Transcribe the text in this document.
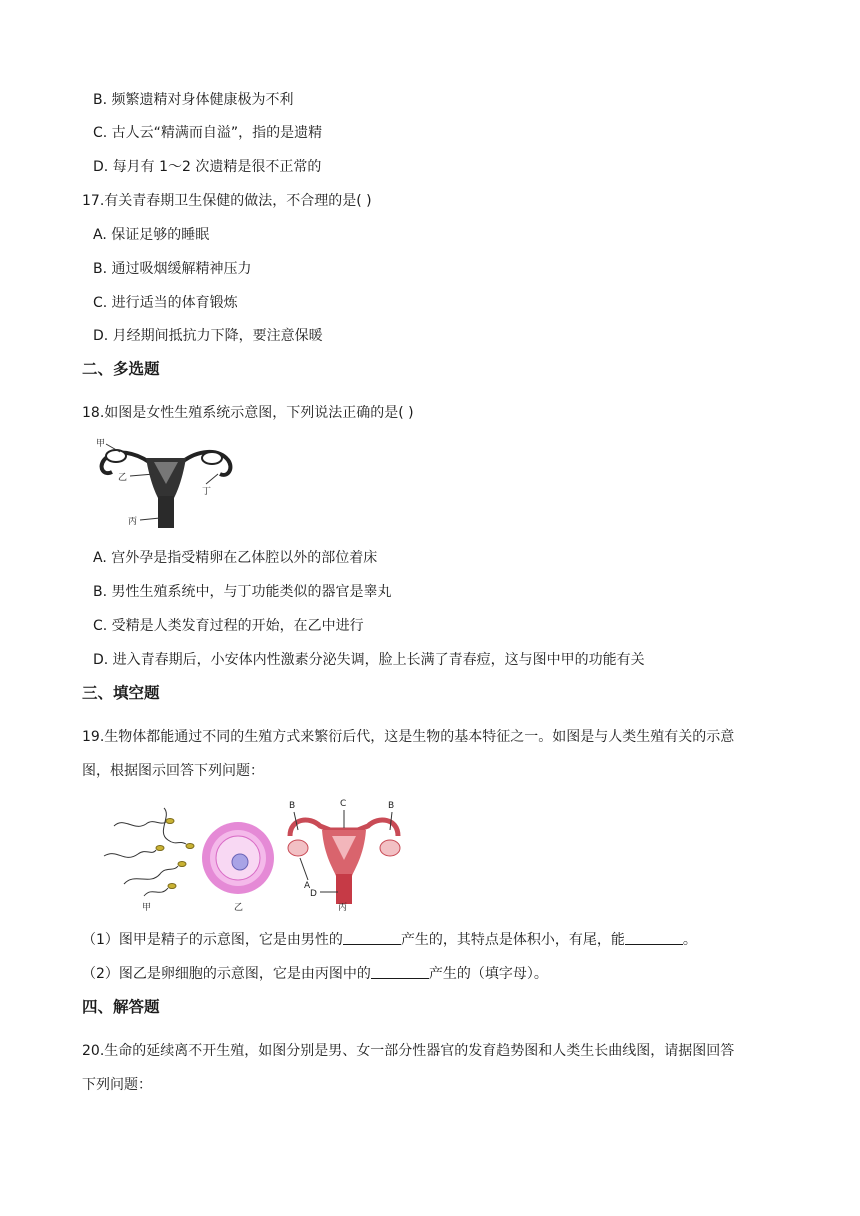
B. 频繁遗精对身体健康极为不利
C. 古人云“精满而自溢”，指的是遗精
D. 每月有 1～2 次遗精是很不正常的
17.有关青春期卫生保健的做法，不合理的是( )
A. 保证足够的睡眠
B. 通过吸烟缓解精神压力
C. 进行适当的体育锻炼
D. 月经期间抵抗力下降，要注意保暖
二、多选题
18.如图是女性生殖系统示意图，下列说法正确的是( )
甲
乙
丁
丙
A. 宫外孕是指受精卵在乙体腔以外的部位着床
B. 男性生殖系统中，与丁功能类似的器官是睾丸
C. 受精是人类发育过程的开始，在乙中进行
D. 进入青春期后，小安体内性激素分泌失调，脸上长满了青春痘，这与图中甲的功能有关
三、填空题
19.生物体都能通过不同的生殖方式来繁衍后代，这是生物的基本特征之一。如图是与人类生殖有关的示意
图，根据图示回答下列问题：
甲	乙
B	C	B
A
D
丙
（1）图甲是精子的示意图，它是由男性的	产生的，其特点是体积小，有尾，能	。
（2）图乙是卵细胞的示意图，它是由丙图中的	产生的（填字母）。
四、解答题
20.生命的延续离不开生殖，如图分别是男、女一部分性器官的发育趋势图和人类生长曲线图，请据图回答
下列问题：
